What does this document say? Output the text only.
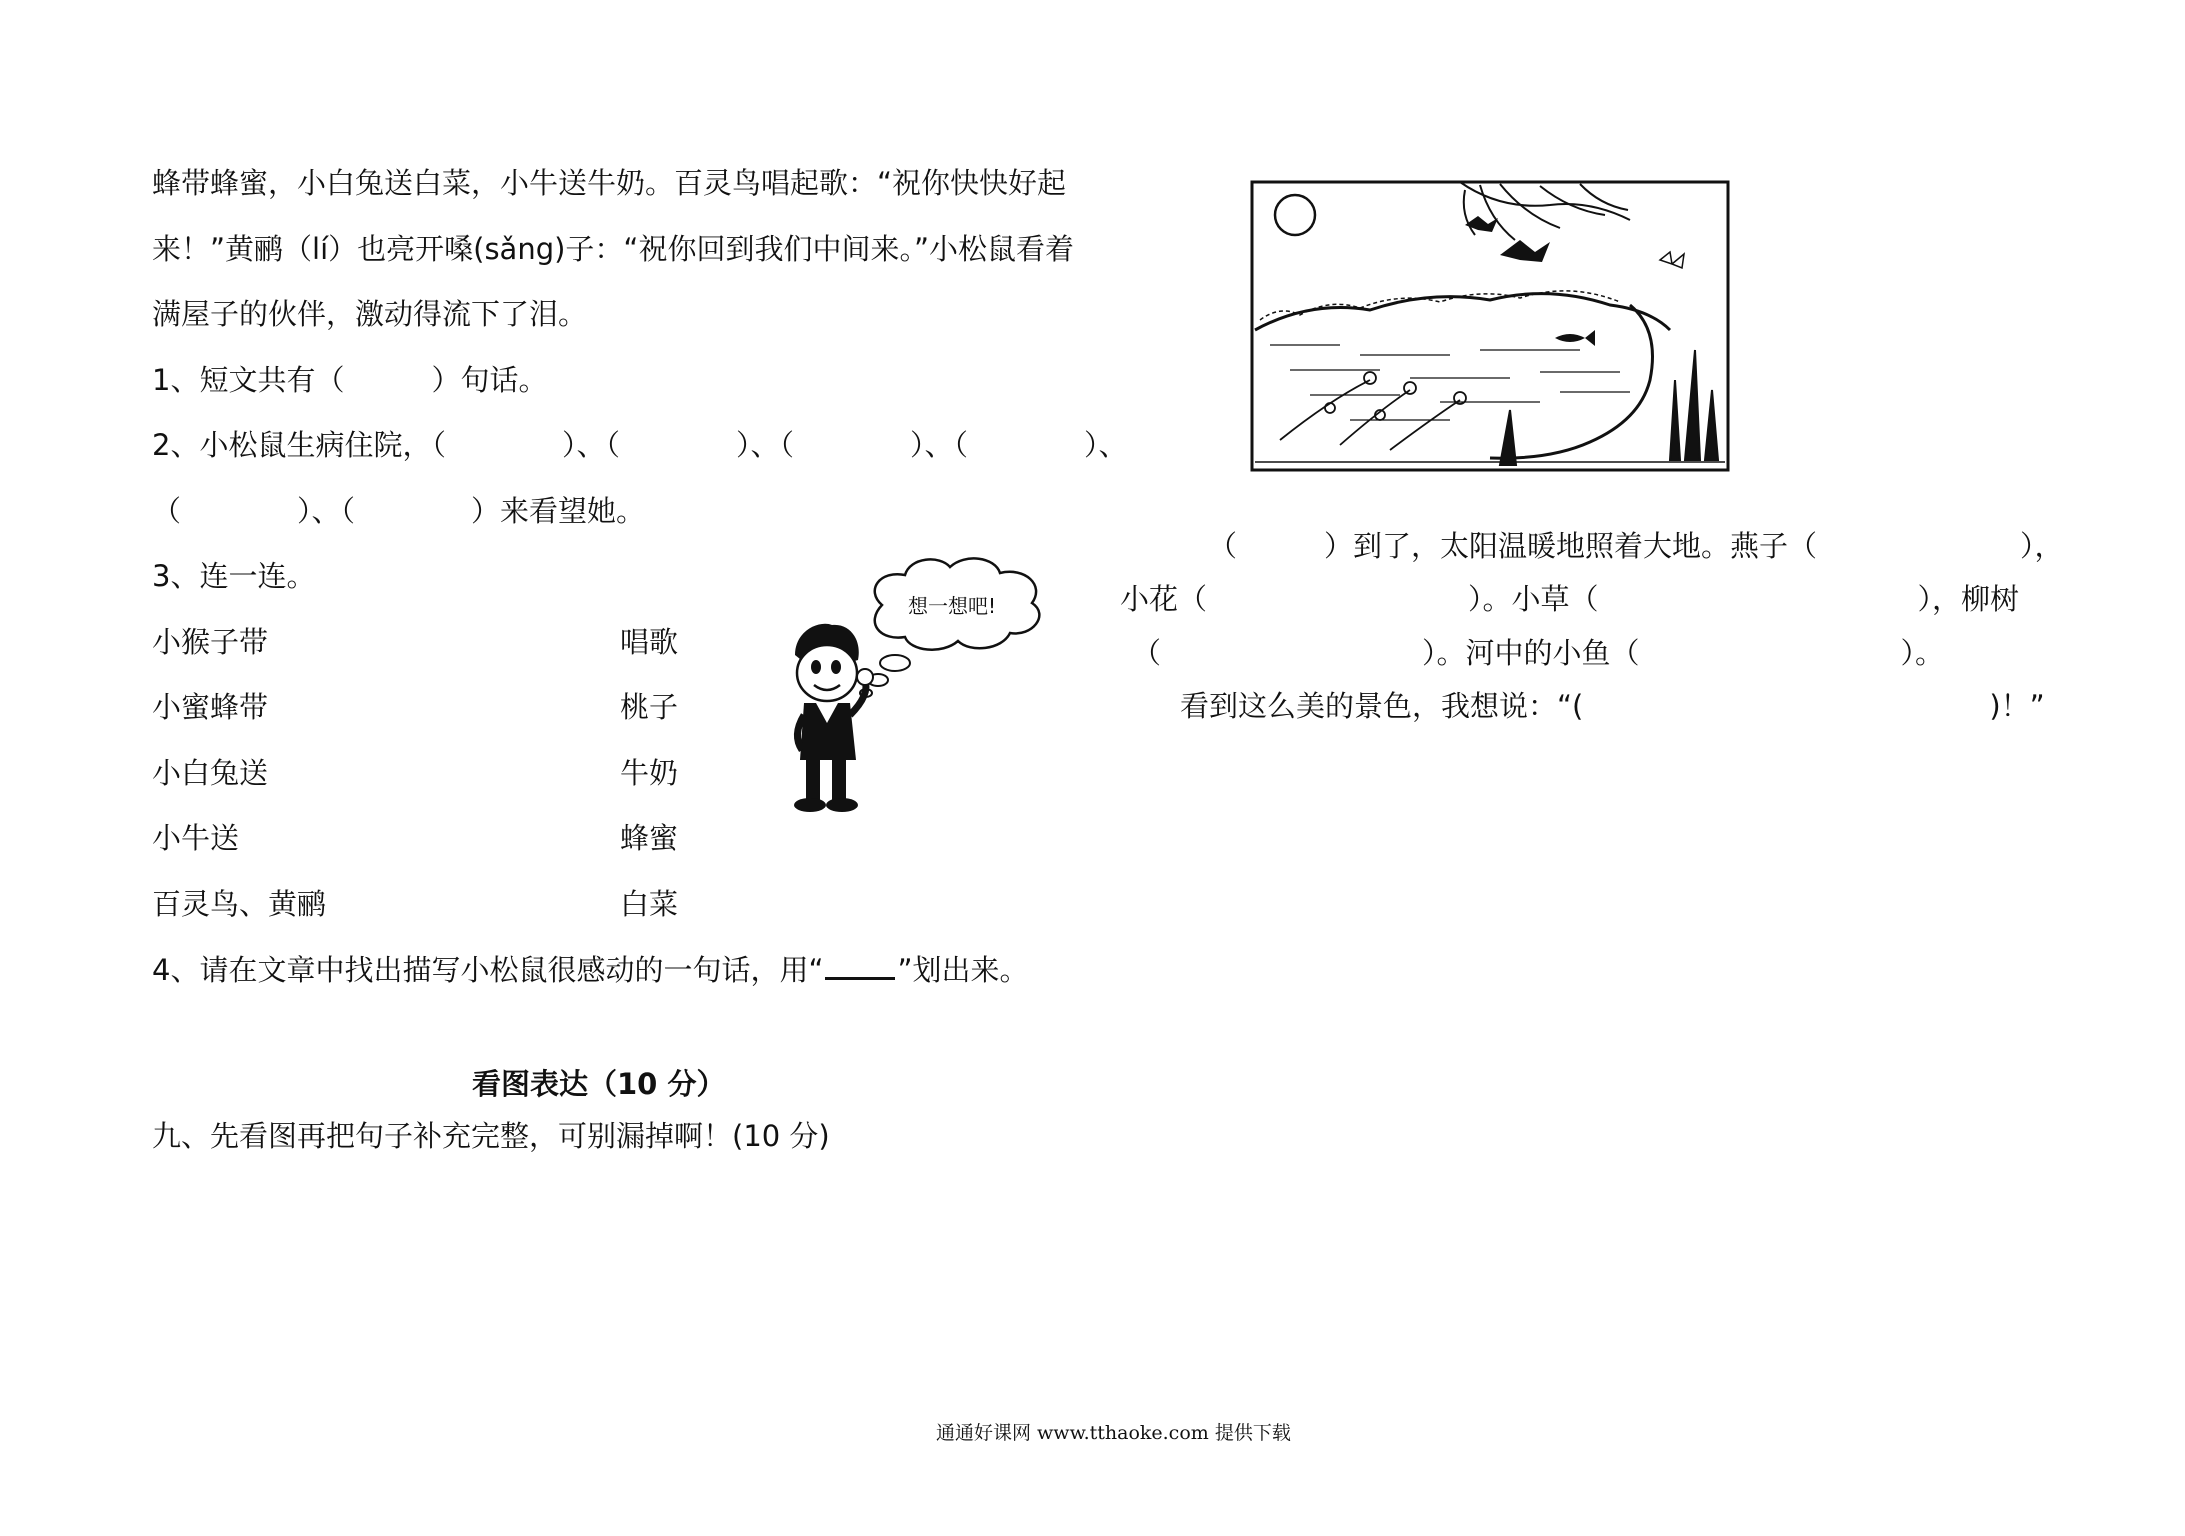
蜂带蜂蜜，小白兔送白菜，小牛送牛奶。百灵鸟唱起歌：“祝你快快好起
来！”黄鹂（lí）也亮开嗓(sǎng)子：“祝你回到我们中间来。”小松鼠看着
满屋子的伙伴，激动得流下了泪。
1、短文共有（　　　）句话。
2、小松鼠生病住院，（　　　　）、（　　　　）、（　　　　）、（　　　　）、
（　　　　）、（　　　　）来看望她。
3、连一连。
小猴子带
小蜜蜂带
小白兔送
小牛送
百灵鸟、黄鹂
唱歌
桃子
牛奶
蜂蜜
白菜
想一想吧!
4、请在文章中找出描写小松鼠很感动的一句话，用“	”划出来。
看图表达（10 分）
九、先看图再把句子补充完整，可别漏掉啊！(10 分)
（　　　）到了，太阳温暖地照着大地。燕子（　　　　　　　），
小花（　　　　　　　　　）。小草（　　　　　　　　　　　），柳树
（　　　　　　　　　）。河中的小鱼（　　　　　　　　　）。
看到这么美的景色，我想说：“(　　　　　　　　　　　　　　)！”
通通好课网 www.tthaoke.com 提供下载
